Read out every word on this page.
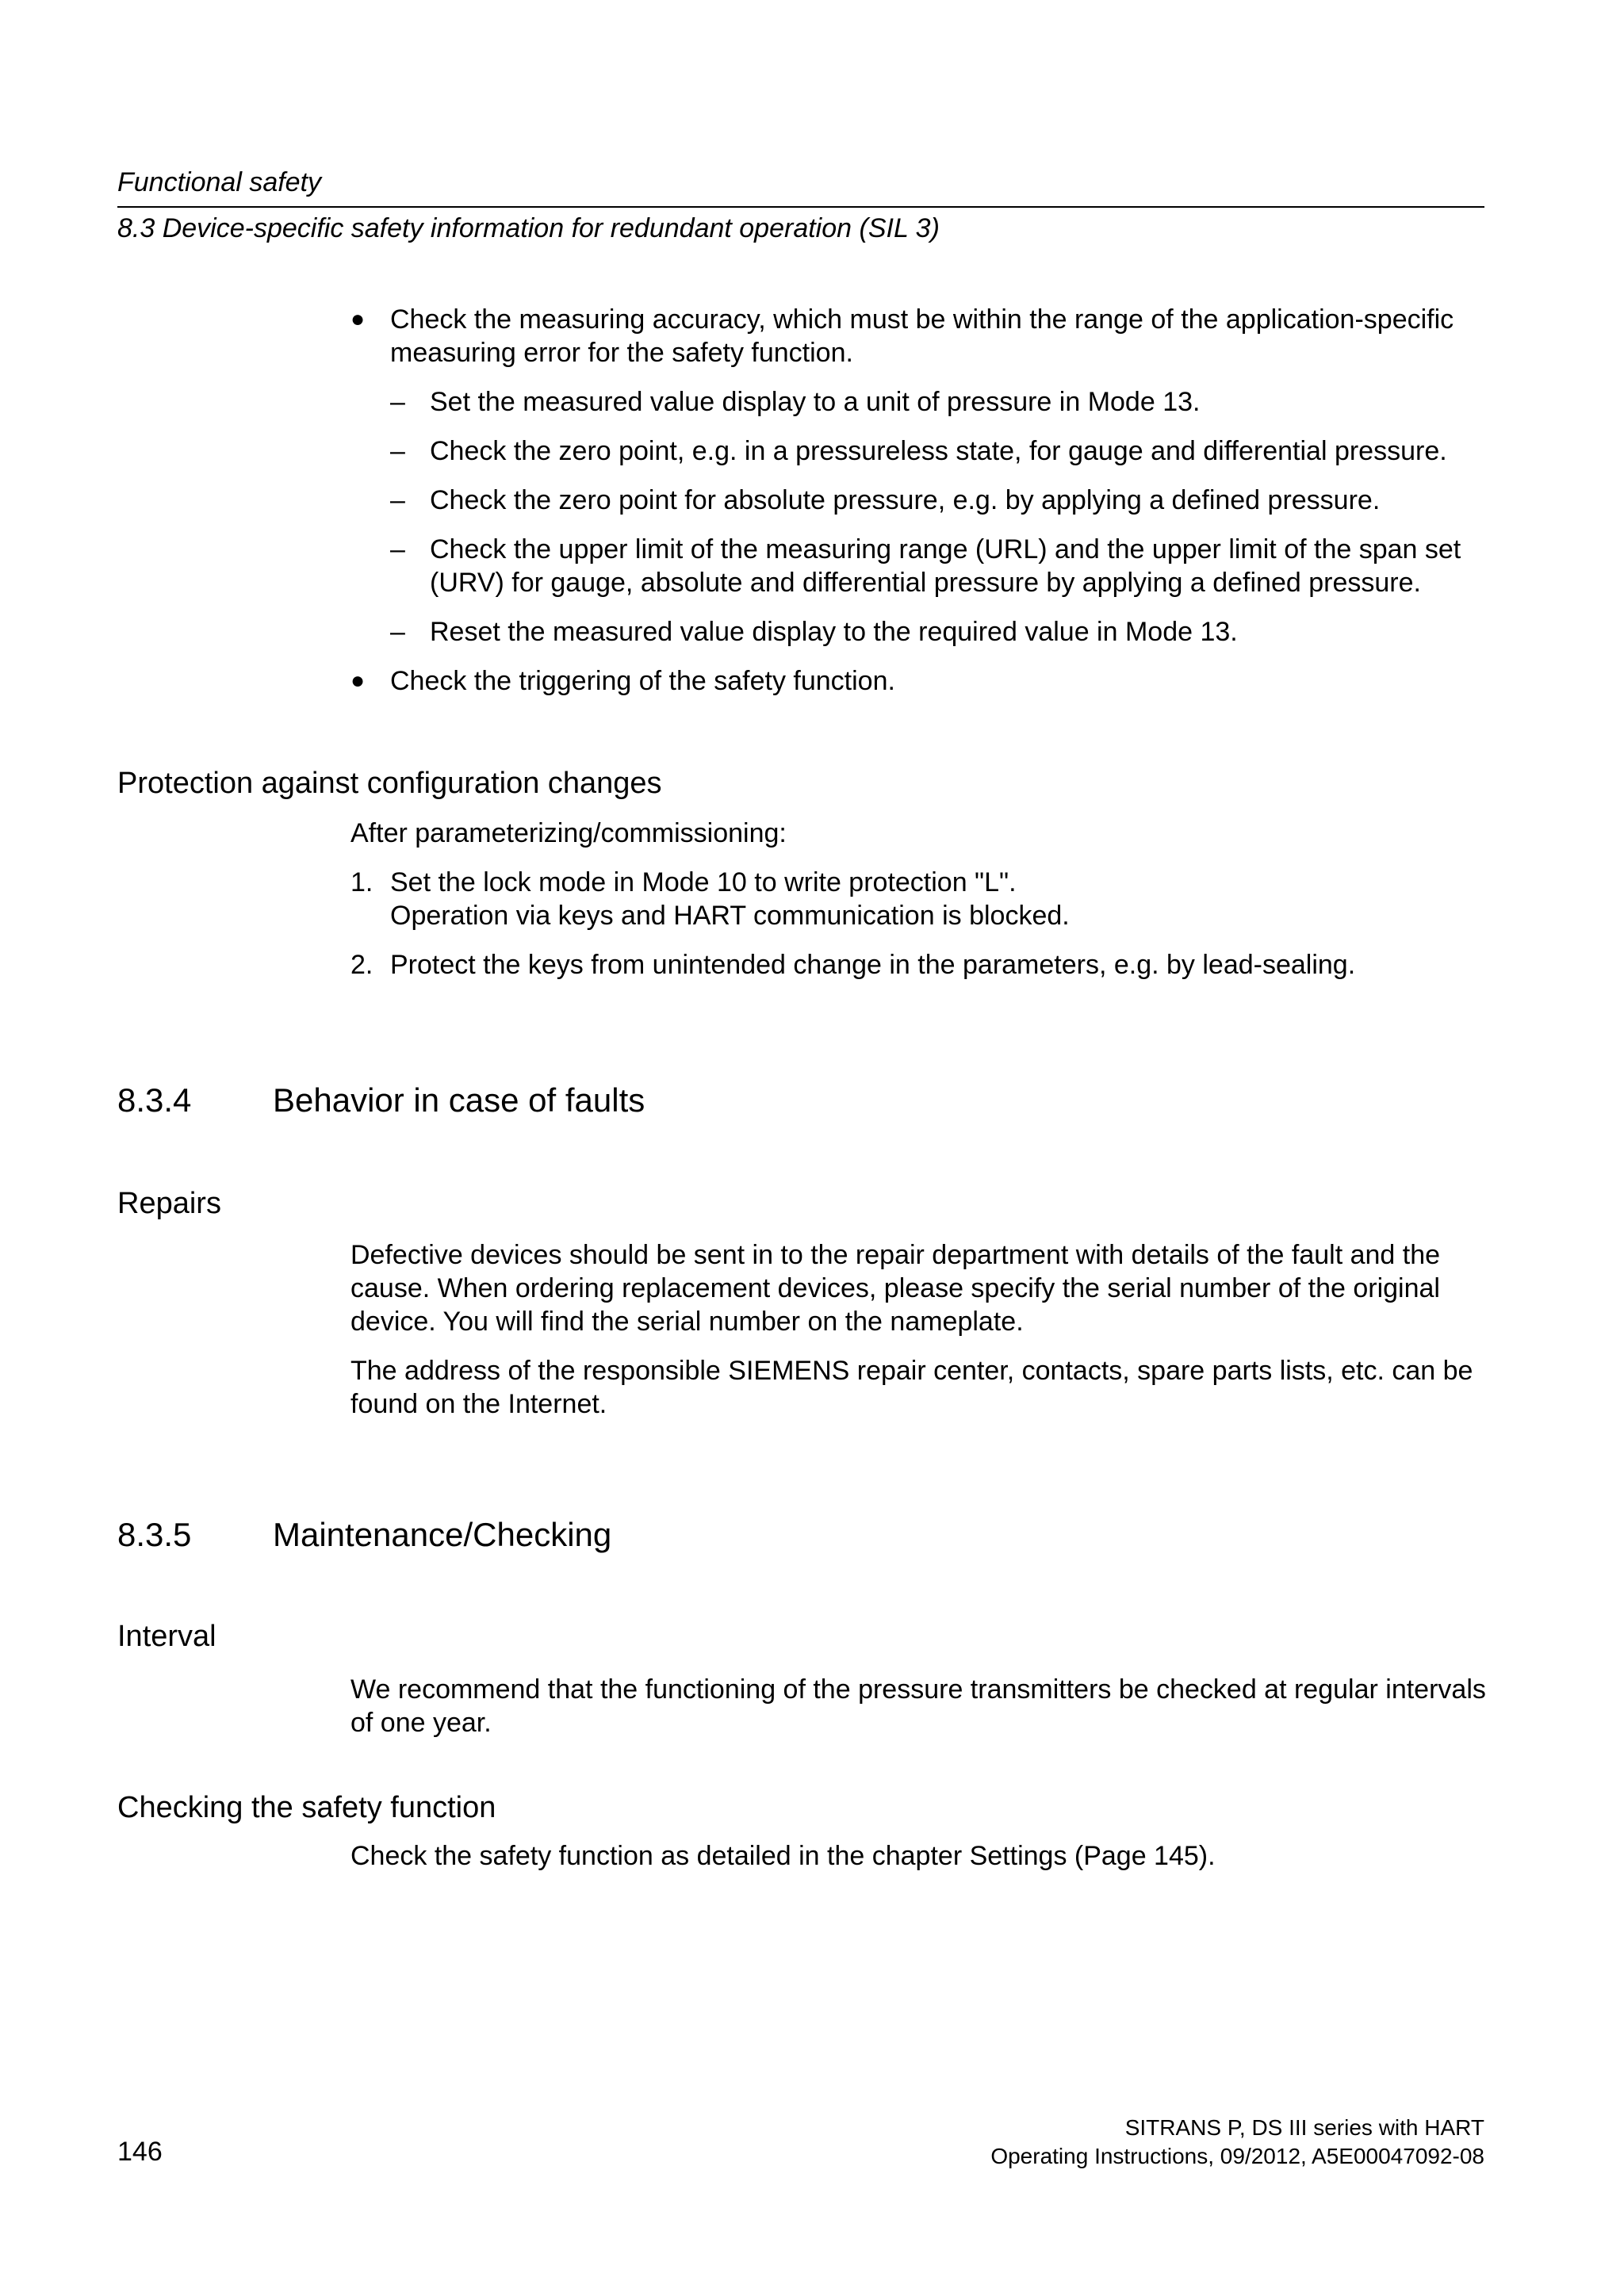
Functional safety
8.3 Device-specific safety information for redundant operation (SIL 3)
● Check the measuring accuracy, which must be within the range of the application-specific measuring error for the safety function.
– Set the measured value display to a unit of pressure in Mode 13.
– Check the zero point, e.g. in a pressureless state, for gauge and differential pressure.
– Check the zero point for absolute pressure, e.g. by applying a defined pressure.
– Check the upper limit of the measuring range (URL) and the upper limit of the span set (URV) for gauge, absolute and differential pressure by applying a defined pressure.
– Reset the measured value display to the required value in Mode 13.
● Check the triggering of the safety function.
Protection against configuration changes

After parameterizing/commissioning:

1. Set the lock mode in Mode 10 to write protection "L".
Operation via keys and HART communication is blocked.
2. Protect the keys from unintended change in the parameters, e.g. by lead-sealing.
8.3.4 Behavior in case of faults
Repairs

Defective devices should be sent in to the repair department with details of the fault and the cause. When ordering replacement devices, please specify the serial number of the original device. You will find the serial number on the nameplate.

The address of the responsible SIEMENS repair center, contacts, spare parts lists, etc. can be found on the Internet.

8.3.5 Maintenance/Checking
Interval

We recommend that the functioning of the pressure transmitters be checked at regular intervals of one year.

Checking the safety function

Check the safety function as detailed in the chapter Settings (Page 145).

146
SITRANS P, DS III series with HART
Operating Instructions, 09/2012, A5E00047092-08
